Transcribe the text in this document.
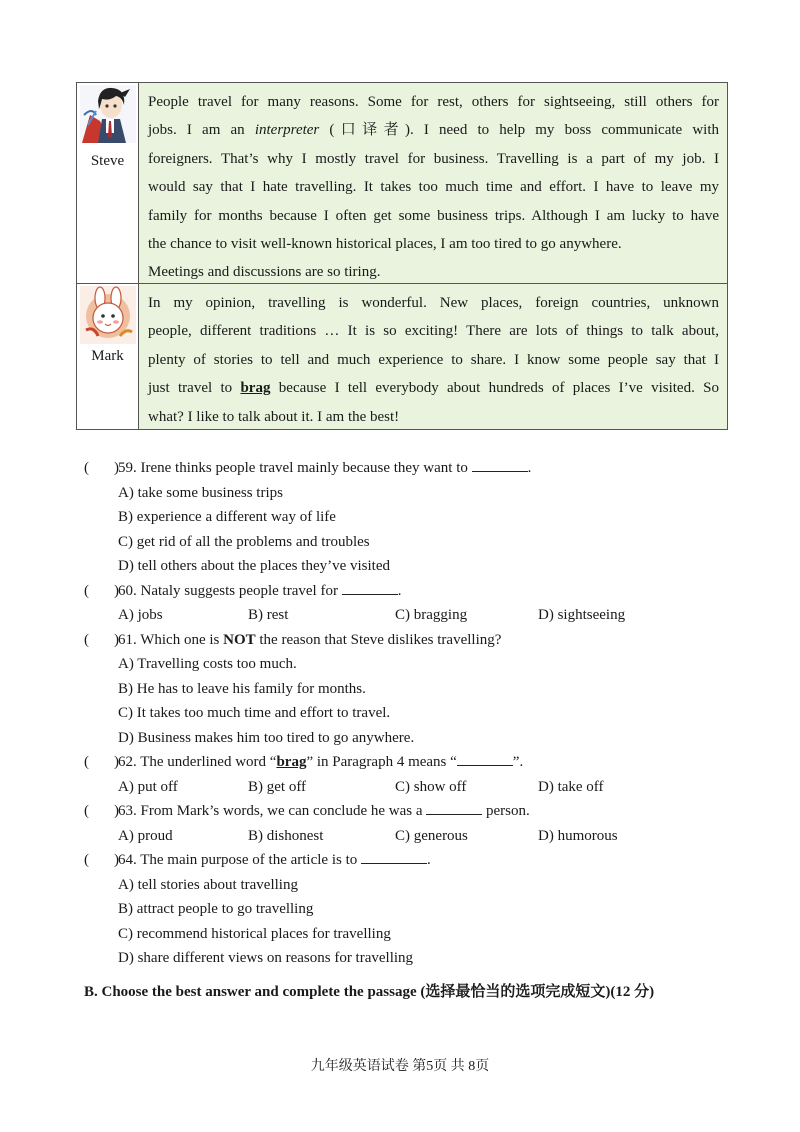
Steve
People travel for many reasons. Some for rest, others for sightseeing, still others for
jobs. I am an interpreter (口译者). I need to help my boss communicate with
foreigners. That’s why I mostly travel for business. Travelling is a part of my job. I
would say that I hate travelling. It takes too much time and effort. I have to leave my
family for months because I often get some business trips. Although I am lucky to have
the chance to visit well-known historical places, I am too tired to go anywhere.
Meetings and discussions are so tiring.
Mark
In my opinion, travelling is wonderful. New places, foreign countries, unknown
people, different traditions … It is so exciting! There are lots of things to talk about,
plenty of stories to tell and much experience to share. I know some people say that I
just travel to brag because I tell everybody about hundreds of places I’ve visited. So
what? I like to talk about it. I am the best!
( ) 59. Irene thinks people travel mainly because they want to	.
A) take some business trips
B) experience a different way of life
C) get rid of all the problems and troubles
D) tell others about the places they’ve visited
( ) 60. Nataly suggests people travel for	.
A) jobs	B) rest	C) bragging	D) sightseeing
( ) 61. Which one is NOT the reason that Steve dislikes travelling?
A) Travelling costs too much.
B) He has to leave his family for months.
C) It takes too much time and effort to travel.
D) Business makes him too tired to go anywhere.
( ) 62. The underlined word “brag” in Paragraph 4 means “	”.
A) put off	B) get off	C) show off	D) take off
( ) 63. From Mark’s words, we can conclude he was a	person.
A) proud	B) dishonest	C) generous	D) humorous
( ) 64. The main purpose of the article is to	.
A) tell stories about travelling
B) attract people to go travelling
C) recommend historical places for travelling
D) share different views on reasons for travelling
B. Choose the best answer and complete the passage (选择最恰当的选项完成短文)(12 分)
九年级英语试卷 第5页 共 8页
